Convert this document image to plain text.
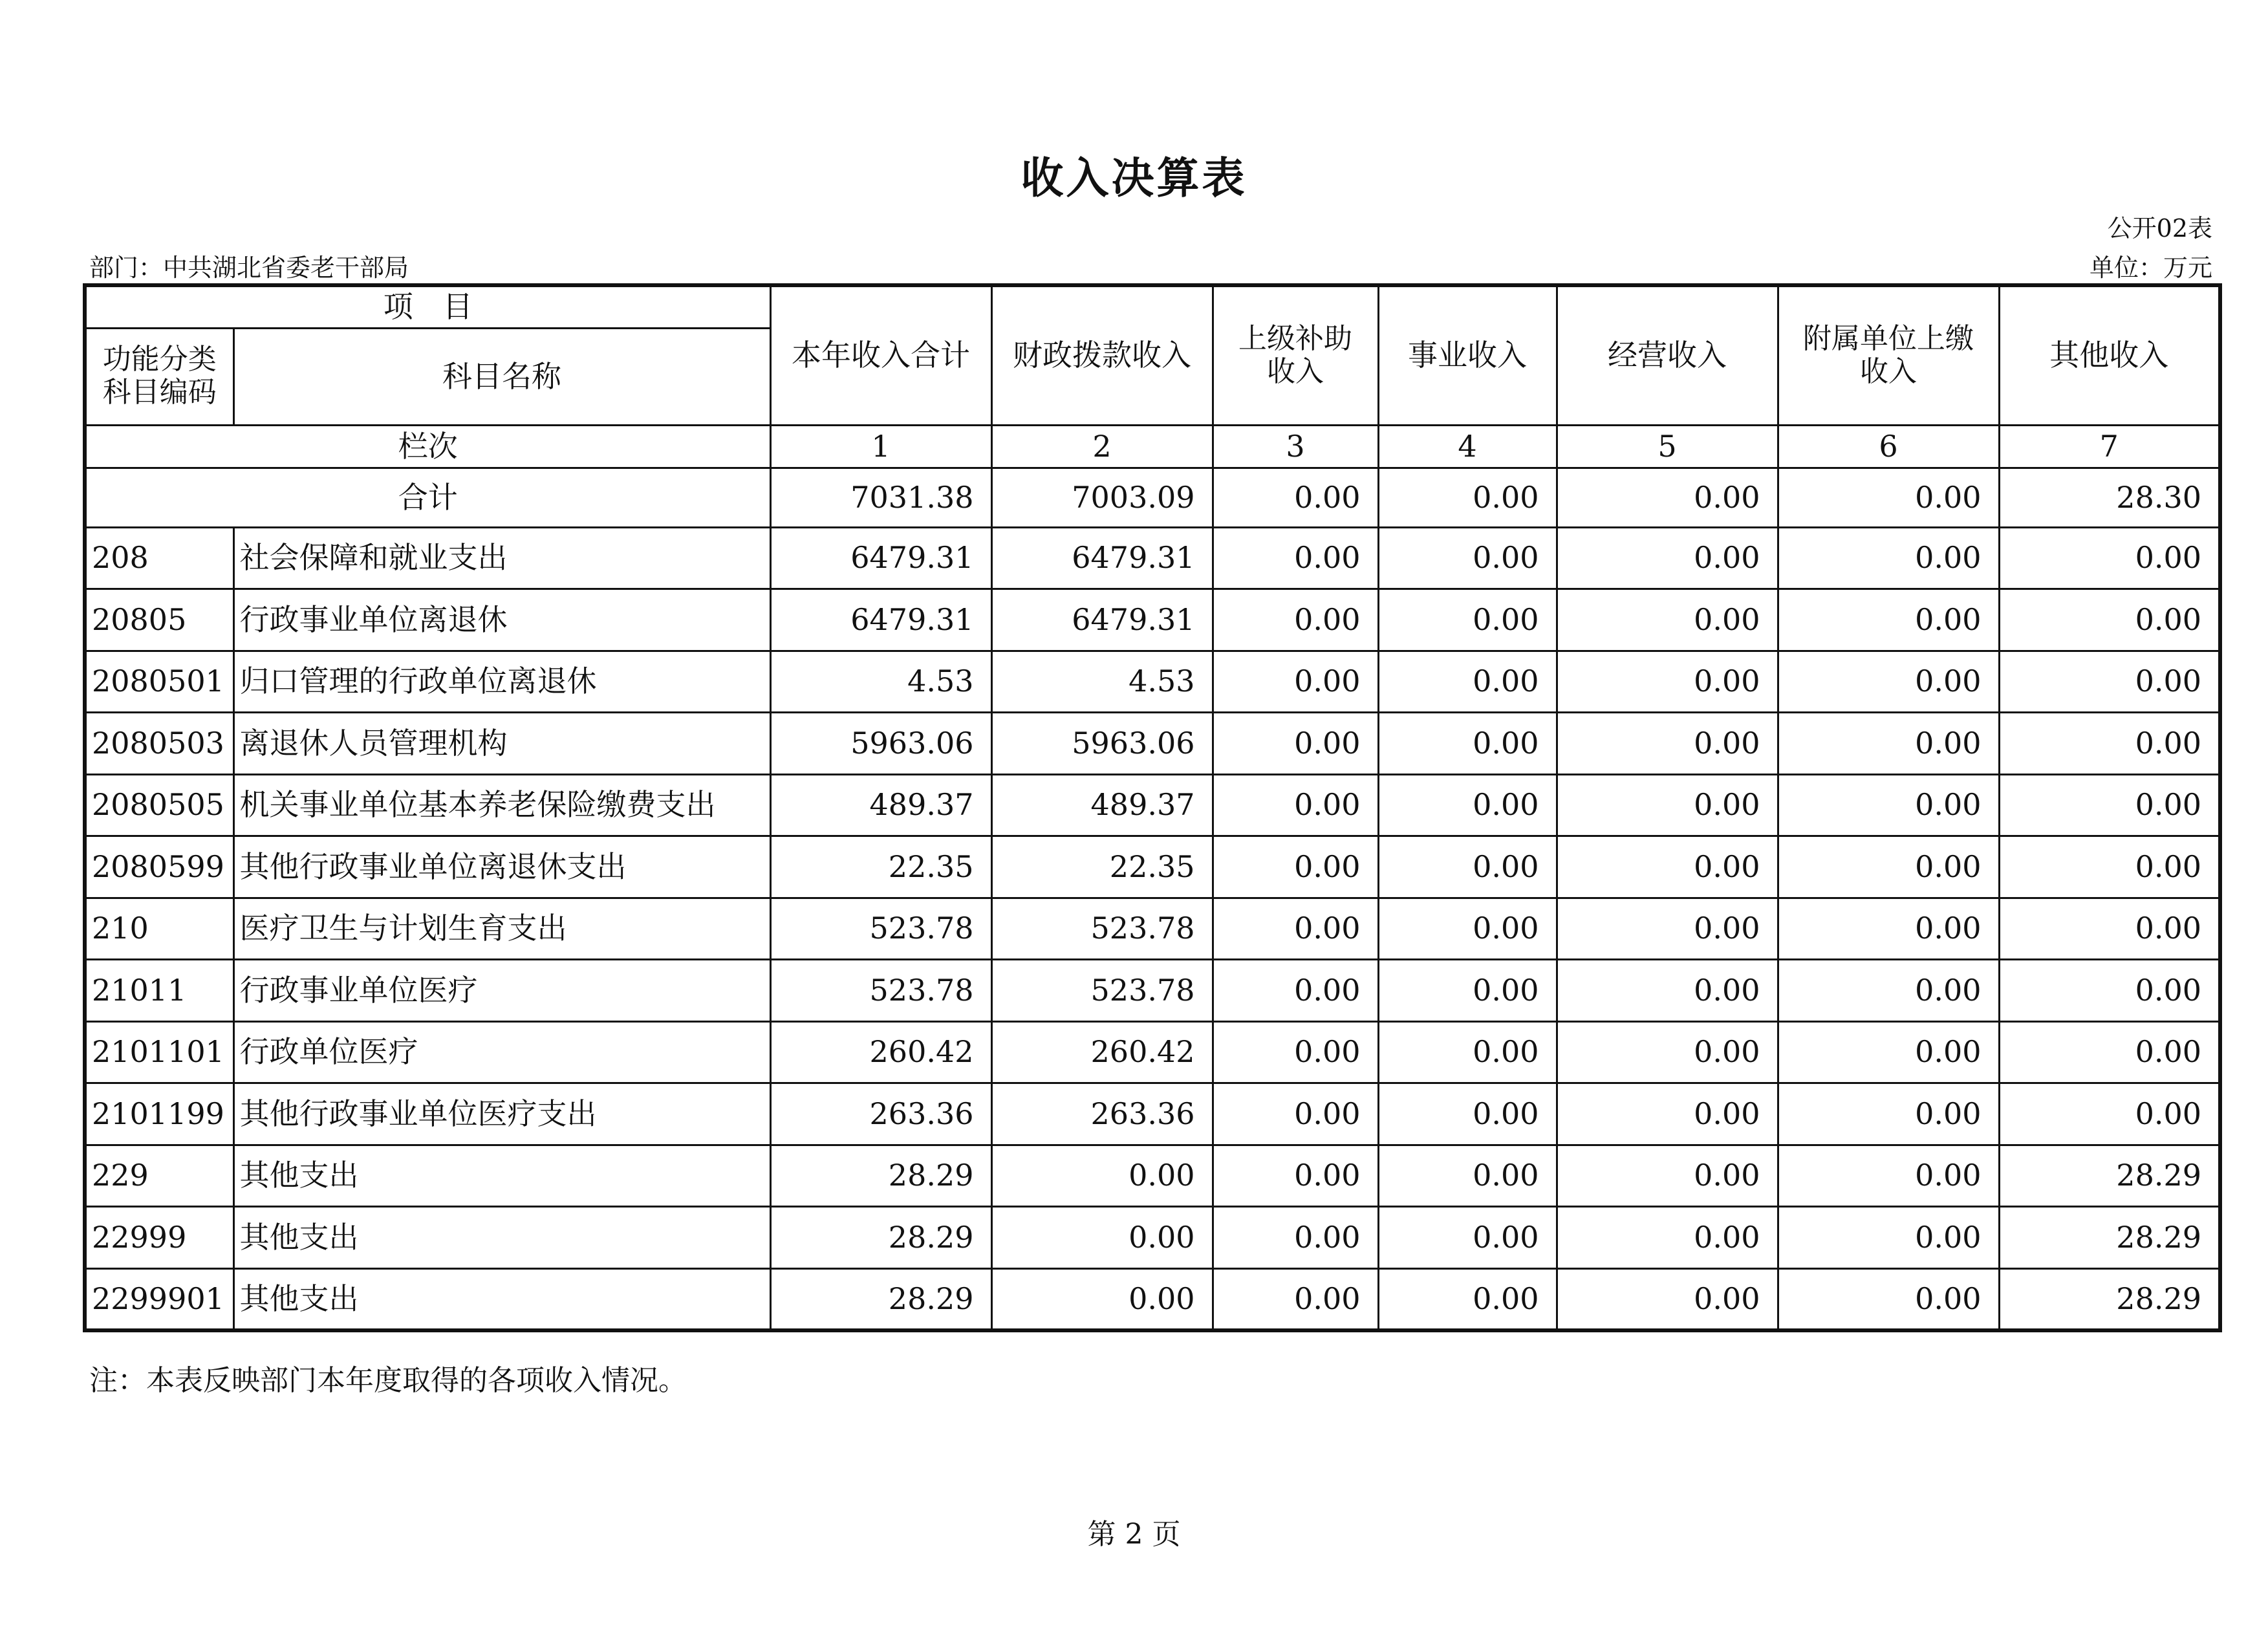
收入决算表
公开02表
部门：中共湖北省委老干部局	单位：万元
项　目		本年收入合计	财政拨款收入	上级补助收入	事业收入	经营收入	附属单位上缴收入	其他收入
功能分类科目编码	科目名称							
栏次		1	2	3	4	5	6	7
合计		7031.38	7003.09	0.00	0.00	0.00	0.00	28.30
208	社会保障和就业支出	6479.31	6479.31	0.00	0.00	0.00	0.00	0.00
20805	行政事业单位离退休	6479.31	6479.31	0.00	0.00	0.00	0.00	0.00
2080501	归口管理的行政单位离退休	4.53	4.53	0.00	0.00	0.00	0.00	0.00
2080503	离退休人员管理机构	5963.06	5963.06	0.00	0.00	0.00	0.00	0.00
2080505	机关事业单位基本养老保险缴费支出	489.37	489.37	0.00	0.00	0.00	0.00	0.00
2080599	其他行政事业单位离退休支出	22.35	22.35	0.00	0.00	0.00	0.00	0.00
210	医疗卫生与计划生育支出	523.78	523.78	0.00	0.00	0.00	0.00	0.00
21011	行政事业单位医疗	523.78	523.78	0.00	0.00	0.00	0.00	0.00
2101101	行政单位医疗	260.42	260.42	0.00	0.00	0.00	0.00	0.00
2101199	其他行政事业单位医疗支出	263.36	263.36	0.00	0.00	0.00	0.00	0.00
229	其他支出	28.29	0.00	0.00	0.00	0.00	0.00	28.29
22999	其他支出	28.29	0.00	0.00	0.00	0.00	0.00	28.29
2299901	其他支出	28.29	0.00	0.00	0.00	0.00	0.00	28.29
注：本表反映部门本年度取得的各项收入情况。
第 2 页
